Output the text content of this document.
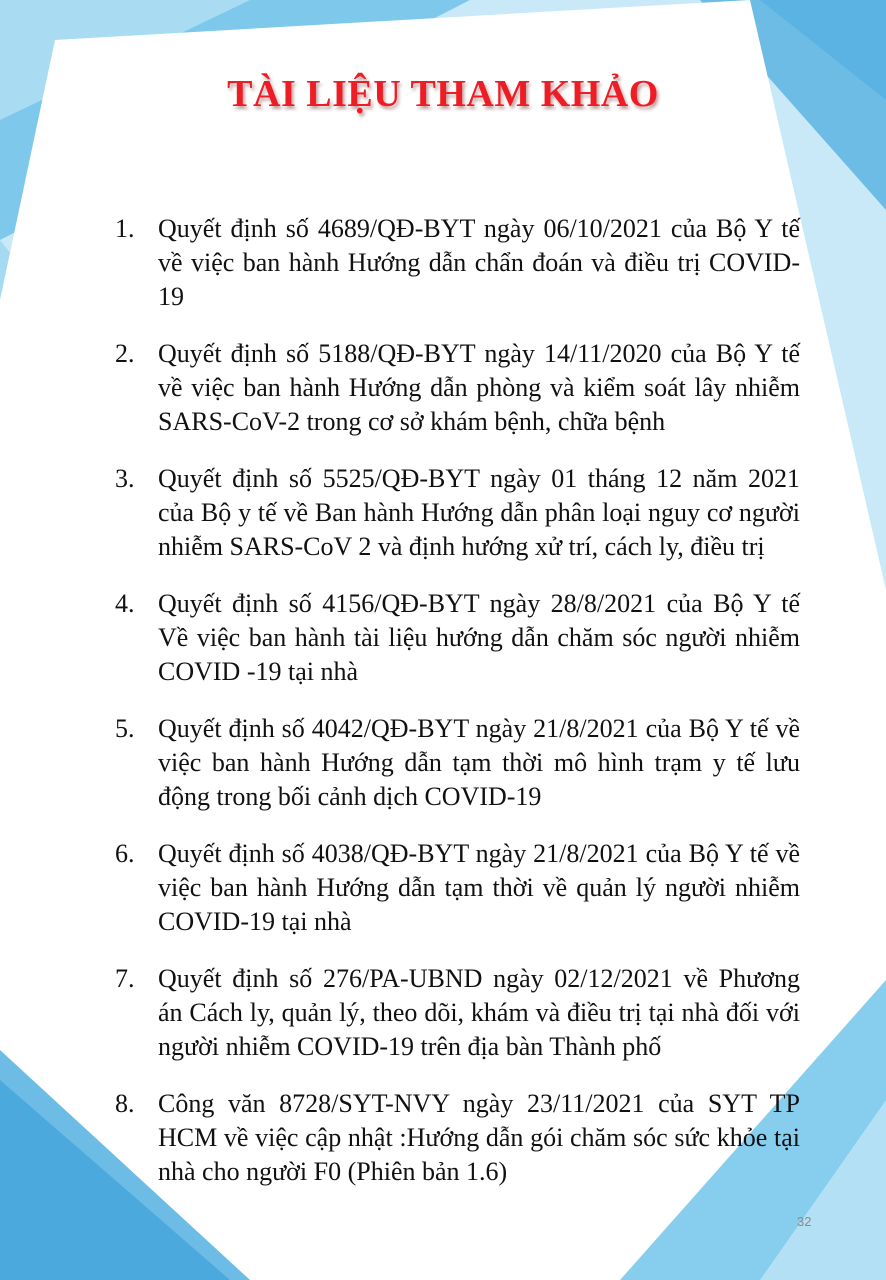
TÀI LIỆU THAM KHẢO
1. Quyết định số 4689/QĐ-BYT ngày 06/10/2021 của Bộ Y tế về việc ban hành Hướng dẫn chẩn đoán và điều trị COVID-19
2. Quyết định số 5188/QĐ-BYT ngày 14/11/2020 của Bộ Y tế về việc ban hành Hướng dẫn phòng và kiểm soát lây nhiễm SARS-CoV-2 trong cơ sở khám bệnh, chữa bệnh
3. Quyết định số 5525/QĐ-BYT ngày 01 tháng 12 năm 2021 của Bộ y tế về Ban hành Hướng dẫn phân loại nguy cơ người nhiễm SARS-CoV 2 và định hướng xử trí, cách ly, điều trị
4. Quyết định số 4156/QĐ-BYT ngày 28/8/2021 của Bộ Y tế Về việc ban hành tài liệu hướng dẫn chăm sóc người nhiễm COVID -19 tại nhà
5. Quyết định số 4042/QĐ-BYT ngày 21/8/2021 của Bộ Y tế về việc ban hành Hướng dẫn tạm thời mô hình trạm y tế lưu động trong bối cảnh dịch COVID-19
6. Quyết định số 4038/QĐ-BYT ngày 21/8/2021 của Bộ Y tế về việc ban hành Hướng dẫn tạm thời về quản lý người nhiễm COVID-19 tại nhà
7. Quyết định số 276/PA-UBND ngày 02/12/2021 về Phương án Cách ly, quản lý, theo dõi, khám và điều trị tại nhà đối với người nhiễm COVID-19 trên địa bàn Thành phố
8. Công văn 8728/SYT-NVY ngày 23/11/2021 của SYT TP HCM về việc cập nhật :Hướng dẫn gói chăm sóc sức khỏe tại nhà cho người F0 (Phiên bản 1.6)
32
